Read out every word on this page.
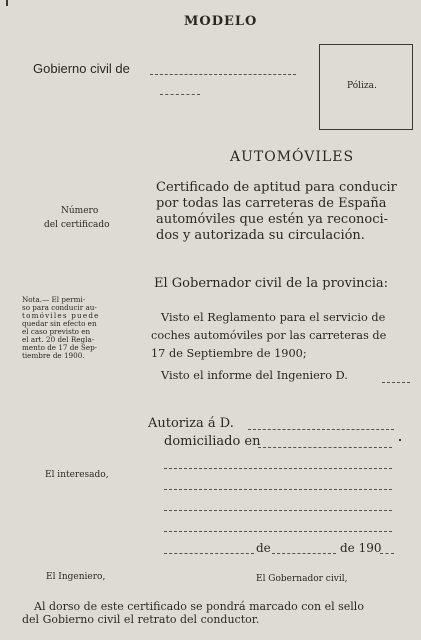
MODELO
Gobierno civil de
Póliza.
AUTOMÓVILES
Certificado de aptitud para conducir
por todas las carreteras de España
automóviles que estén ya reconoci-
dos y autorizada su circulación.
Número
del certificado
El Gobernador civil de la provincia:
Nota.— El permi-
so para conducir au-
tomóviles puede
quedar sin efecto en
el caso previsto en
el art. 20 del Regla-
mento de 17 de Sep-
tiembre de 1900.
Visto el Reglamento para el servicio de
coches automóviles por las carreteras de
17 de Septiembre de 1900;
Visto el informe del Ingeniero D.
Autoriza á D.
domiciliado en
El interesado,
de	de 190
El Ingeniero,	El Gobernador civil,
Al dorso de este certificado se pondrá marcado con el sello
del Gobierno civil el retrato del conductor.
